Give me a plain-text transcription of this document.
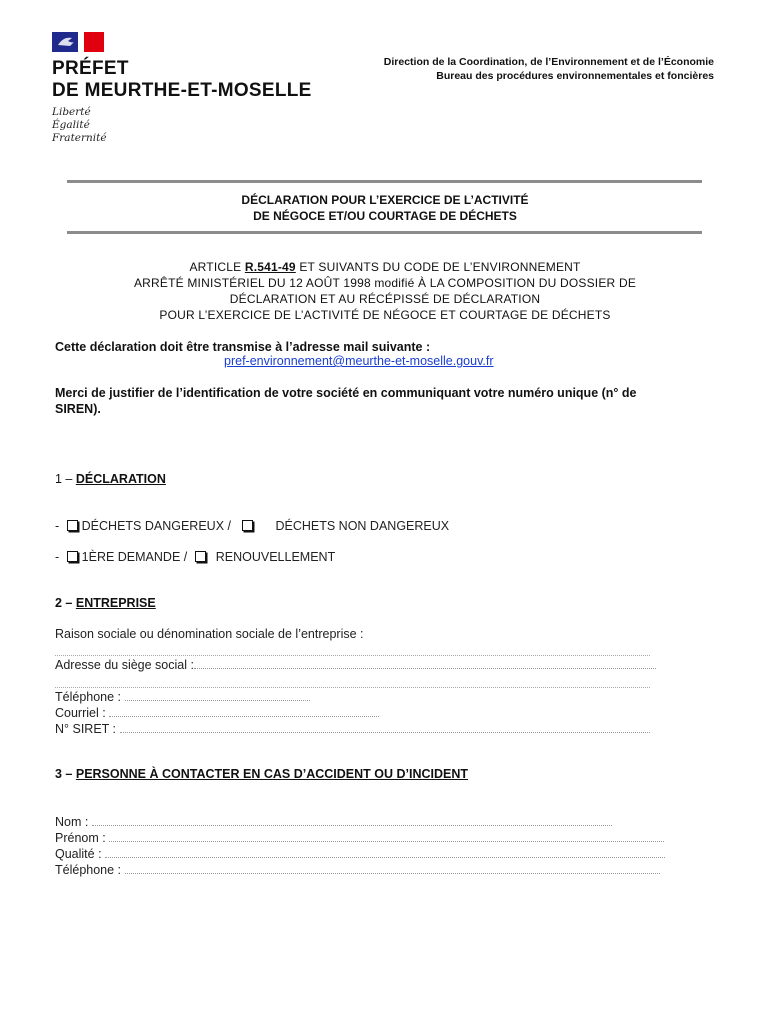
PRÉFET
DE MEURTHE-ET-MOSELLE
Liberté
Égalité
Fraternité
Direction de la Coordination, de l’Environnement et de l’Économie
Bureau des procédures environnementales et foncières
DÉCLARATION POUR L’EXERCICE DE L’ACTIVITÉ
DE NÉGOCE ET/OU COURTAGE DE DÉCHETS
ARTICLE R.541-49 ET SUIVANTS DU CODE DE L’ENVIRONNEMENT
ARRÊTÉ MINISTÉRIEL DU 12 AOÛT 1998 modifié À LA COMPOSITION DU DOSSIER DE
DÉCLARATION ET AU RÉCÉPISSÉ DE DÉCLARATION
POUR L’EXERCICE DE L’ACTIVITÉ DE NÉGOCE ET COURTAGE DE DÉCHETS
Cette déclaration doit être transmise à l’adresse mail suivante :
pref-environnement@meurthe-et-moselle.gouv.fr
Merci de justifier de l’identification de votre société en communiquant votre numéro unique (n° de
SIREN).
1 – DÉCLARATION
- DÉCHETS DANGEREUX /	DÉCHETS NON DANGEREUX
- 1ÈRE DEMANDE / RENOUVELLEMENT
2 – ENTREPRISE
Raison sociale ou dénomination sociale de l’entreprise :
Adresse du siège social :
Téléphone :
Courriel :
N° SIRET :
3 – PERSONNE À CONTACTER EN CAS D’ACCIDENT OU D’INCIDENT
Nom :
Prénom :
Qualité :
Téléphone :
